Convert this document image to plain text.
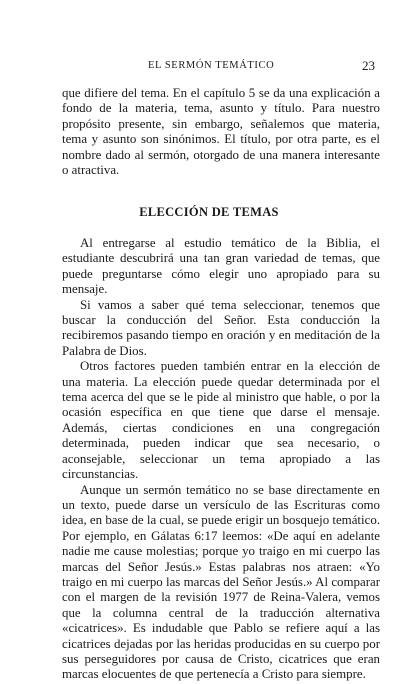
EL SERMÓN TEMÁTICO	23

que difiere del tema. En el capítulo 5 se da una explicación a fondo de la materia, tema, asunto y título. Para nuestro propósito presente, sin embargo, señalemos que materia, tema y asunto son sinónimos. El título, por otra parte, es el nombre dado al sermón, otorgado de una manera interesante o atractiva.

ELECCIÓN DE TEMAS

Al entregarse al estudio temático de la Biblia, el estudiante descubrirá una tan gran variedad de temas, que puede preguntarse cómo elegir uno apropiado para su mensaje.

Si vamos a saber qué tema seleccionar, tenemos que buscar la conducción del Señor. Esta conducción la recibiremos pasando tiempo en oración y en meditación de la Palabra de Dios.

Otros factores pueden también entrar en la elección de una materia. La elección puede quedar determinada por el tema acerca del que se le pide al ministro que hable, o por la ocasión específica en que tiene que darse el mensaje. Además, ciertas condiciones en una congregación determinada, pueden indicar que sea necesario, o aconsejable, seleccionar un tema apropiado a las circunstancias.

Aunque un sermón temático no se base directamente en un texto, puede darse un versículo de las Escrituras como idea, en base de la cual, se puede erigir un bosquejo temático. Por ejemplo, en Gálatas 6:17 leemos: «De aquí en adelante nadie me cause molestias; porque yo traigo en mi cuerpo las marcas del Señor Jesús.» Estas palabras nos atraen: «Yo traigo en mi cuerpo las marcas del Señor Jesús.» Al comparar con el margen de la revisión 1977 de Reina-Valera, vemos que la columna central de la traducción alternativa «cicatrices». Es indudable que Pablo se refiere aquí a las cicatrices dejadas por las heridas producidas en su cuerpo por sus perseguidores por causa de Cristo, cicatrices que eran marcas elocuentes de que pertenecía a Cristo para siempre.
